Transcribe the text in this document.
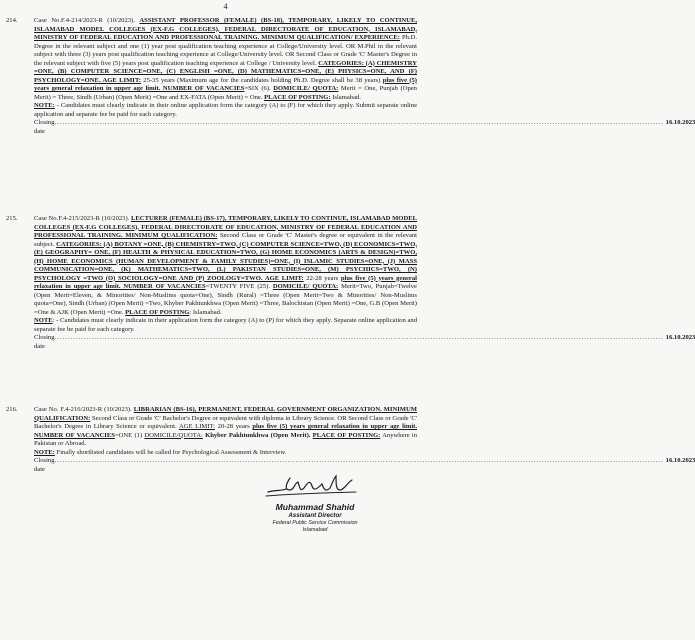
4
214.	Case No.F.4-214/2023-R (10/2023). ASSISTANT PROFESSOR (FEMALE) (BS-18), TEMPORARY, LIKELY TO CONTINUE, ISLAMABAD MODEL COLLEGES (EX-F.G COLLEGES), FEDERAL DIRECTORATE OF EDUCATION, ISLAMABAD, MINISTRY OF FEDERAL EDUCATION AND PROFESSIONAL TRAINING. MINIMUM QUALIFICATION/ EXPERIENCE: Ph.D. Degree in the relevant subject and one (1) year post qualification teaching experience at College/University level. OR M.Phil in the relevant subject with three (3) years post qualification teaching experience at College/University level. OR Second Class or Grade 'C' Master's Degree in the relevant subject with five (5) years post qualification teaching experience at College / University level. CATEGORIES: (A) CHEMISTRY =ONE, (B) COMPUTER SCIENCE=ONE, (C) ENGLISH =ONE, (D) MATHEMATICS=ONE, (E) PHYSICS=ONE, AND (F) PSYCHOLOGY=ONE. AGE LIMIT: 25-35 years (Maximum age for the candidates holding Ph.D. Degree shall be 38 years) plus five (5) years general relaxation in upper age limit. NUMBER OF VACANCIES=SIX (6). DOMICILE/ QUOTA: Merit = One, Punjab (Open Merit) = Three, Sindh (Urban) (Open Merit) =One and EX-FATA (Open Merit) = One. PLACE OF POSTING: Islamabad.
NOTE: - Candidates must clearly indicate in their online application form the category (A) to (F) for which they apply. Submit separate online application and separate fee be paid for each category.
Closing date
...................................................................................................................................................................................................................................... 16.10.2023
215.	Case No.F.4-215/2023-R (10/2023). LECTURER (FEMALE) (BS-17), TEMPORARY, LIKELY TO CONTINUE, ISLAMABAD MODEL COLLEGES (EX-F.G COLLEGES), FEDERAL DIRECTORATE OF EDUCATION, MINISTRY OF FEDERAL EDUCATION AND PROFESSIONAL TRAINING. MINIMUM QUALIFICATION: Second Class or Grade 'C' Master's degree or equivalent in the relevant subject. CATEGORIES: (A) BOTANY =ONE, (B) CHEMISTRY=TWO, (C) COMPUTER SCIENCE=TWO, (D) ECONOMICS=TWO, (E) GEOGRAPHY= ONE, (F) HEALTH & PHYSICAL EDUCATION=TWO, (G) HOME ECONOMICS (ARTS & DESIGN)=TWO, (H) HOME ECONOMICS (HUMAN DEVELOPMENT & FAMILY STUDIES)=ONE, (I) ISLAMIC STUDIES=ONE, (J) MASS COMMUNICATION=ONE, (K) MATHEMATICS=TWO, (L) PAKISTAN STUDIES=ONE, (M) PSYCHICS=TWO, (N) PSYCHOLOGY =TWO (O) SOCIOLOGY=ONE AND (P) ZOOLOGY=TWO. AGE LIMIT: 22-28 years plus five (5) years general relaxation in upper age limit. NUMBER OF VACANCIES=TWENTY FIVE (25). DOMICILE/ QUOTA: Merit=Two, Punjab=Twelve (Open Merit=Eleven, & Minorities/ Non-Muslims quota=One), Sindh (Rural) =Three (Open Merit=Two & Minorities/ Non-Muslims quota=One), Sindh (Urban) (Open Merit) =Two, Khyber Pakhtunkhwa (Open Merit) =Three, Balochistan (Open Merit) =One, G.B (Open Merit) =One & AJK (Open Merit) =One. PLACE OF POSTING: Islamabad.
NOTE: - Candidates must clearly indicate in their application form the category (A) to (P) for which they apply. Separate online application and separate fee be paid for each category.
Closing date
...................................................................................................................................................................................................................................... 16.10.2023
216.	Case No. F.4-216/2023-R (10/2023). LIBRARIAN (BS-16), PERMANENT, FEDERAL GOVERNMENT ORGANIZATION. MINIMUM QUALIFICATION: Second Class or Grade 'C' Bachelor's Degree or equivalent with diploma in Library Science. OR Second Class or Grade 'C' Bachelor's Degree in Library Science or equivalent. AGE LIMIT: 20-28 years plus five (5) years general relaxation in upper age limit. NUMBER OF VACANCIES=ONE (1) DOMICILE/QUOTA: Khyber Pakhtunkhwa (Open Merit). PLACE OF POSTING: Anywhere in Pakistan or Abroad.
NOTE: Finally shortlisted candidates will be called for Psychological Assessment & Interview.
Closing date
...................................................................................................................................................................................................................................... 16.10.2023
Muhammad Shahid
Assistant Director
Federal Public Service Commission
Islamabad
